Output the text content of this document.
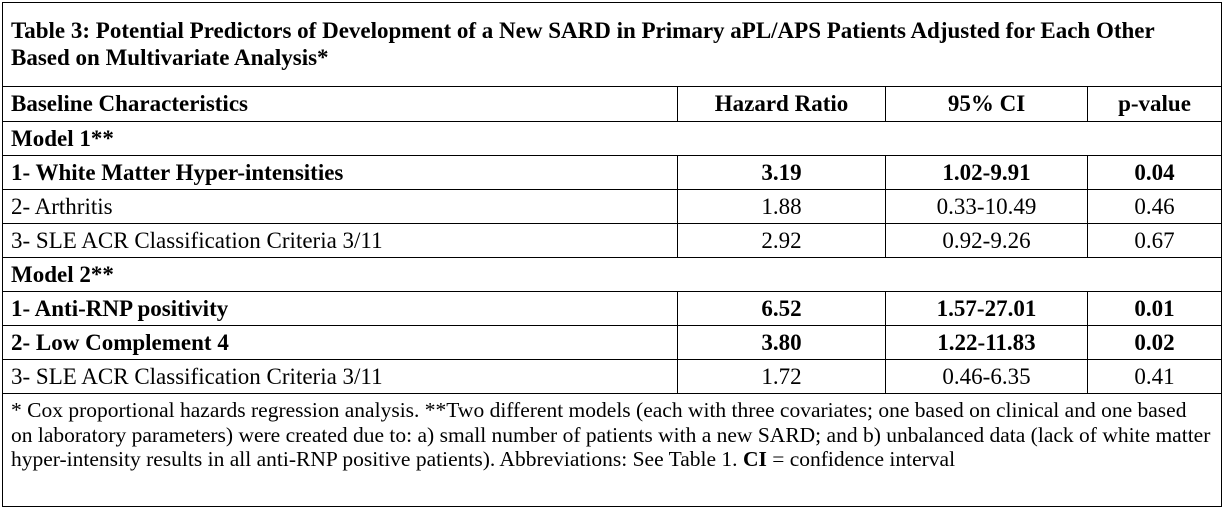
Table 3: Potential Predictors of Development of a New SARD in Primary aPL/APS Patients Adjusted for Each Other Based on Multivariate Analysis*			
Baseline Characteristics	Hazard Ratio	95% CI	p-value
Model 1**			
1- White Matter Hyper-intensities	3.19	1.02-9.91	0.04
2- Arthritis	1.88	0.33-10.49	0.46
3- SLE ACR Classification Criteria 3/11	2.92	0.92-9.26	0.67
Model 2**			
1- Anti-RNP positivity	6.52	1.57-27.01	0.01
2- Low Complement 4	3.80	1.22-11.83	0.02
3- SLE ACR Classification Criteria 3/11	1.72	0.46-6.35	0.41
* Cox proportional hazards regression analysis. **Two different models (each with three covariates; one based on clinical and one based on laboratory parameters) were created due to: a) small number of patients with a new SARD; and b) unbalanced data (lack of white matter hyper-intensity results in all anti-RNP positive patients). Abbreviations: See Table 1. CI = confidence interval			
